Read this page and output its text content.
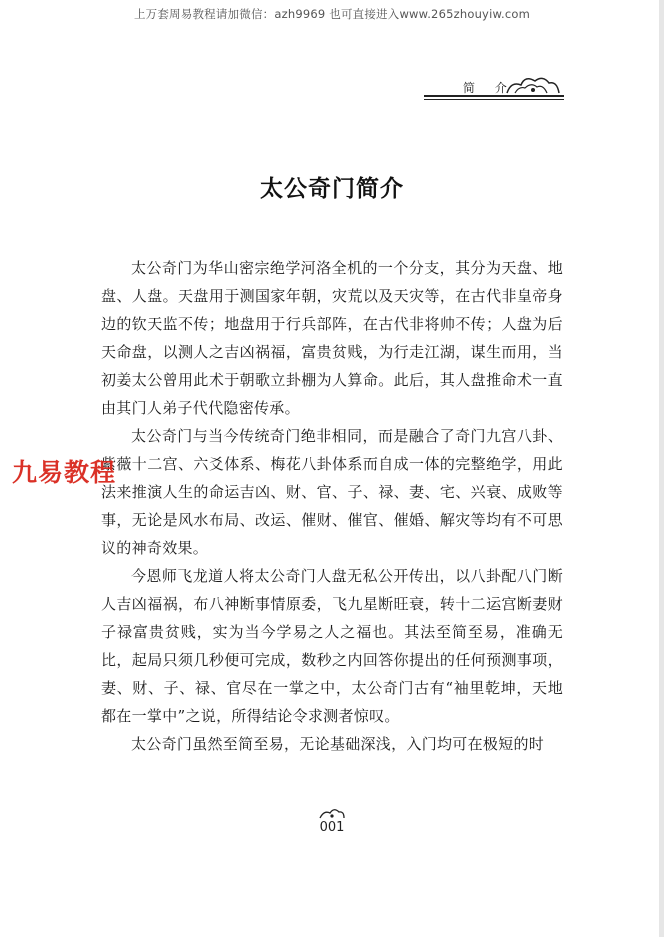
上万套周易教程请加微信：azh9969 也可直接进入www.265zhouyiw.com
简 介
太公奇门简介

太公奇门为华山密宗绝学河洛全机的一个分支，其分为天盘、地盘、人盘。天盘用于测国家年朝，灾荒以及天灾等，在古代非皇帝身边的钦天监不传；地盘用于行兵部阵，在古代非将帅不传；人盘为后天命盘，以测人之吉凶祸福，富贵贫贱，为行走江湖，谋生而用，当初姜太公曾用此术于朝歌立卦棚为人算命。此后，其人盘推命术一直由其门人弟子代代隐密传承。

太公奇门与当今传统奇门绝非相同，而是融合了奇门九宫八卦、紫薇十二宫、六爻体系、梅花八卦体系而自成一体的完整绝学，用此法来推演人生的命运吉凶、财、官、子、禄、妻、宅、兴衰、成败等事，无论是风水布局、改运、催财、催官、催婚、解灾等均有不可思议的神奇效果。

今恩师飞龙道人将太公奇门人盘无私公开传出，以八卦配八门断人吉凶福祸，布八神断事情原委，飞九星断旺衰，转十二运宫断妻财子禄富贵贫贱，实为当今学易之人之福也。其法至简至易，准确无比，起局只须几秒便可完成，数秒之内回答你提出的任何预测事项，妻、财、子、禄、官尽在一掌之中，太公奇门古有“袖里乾坤，天地都在一掌中”之说，所得结论令求测者惊叹。

太公奇门虽然至简至易，无论基础深浅，入门均可在极短的时

九易教程
001
